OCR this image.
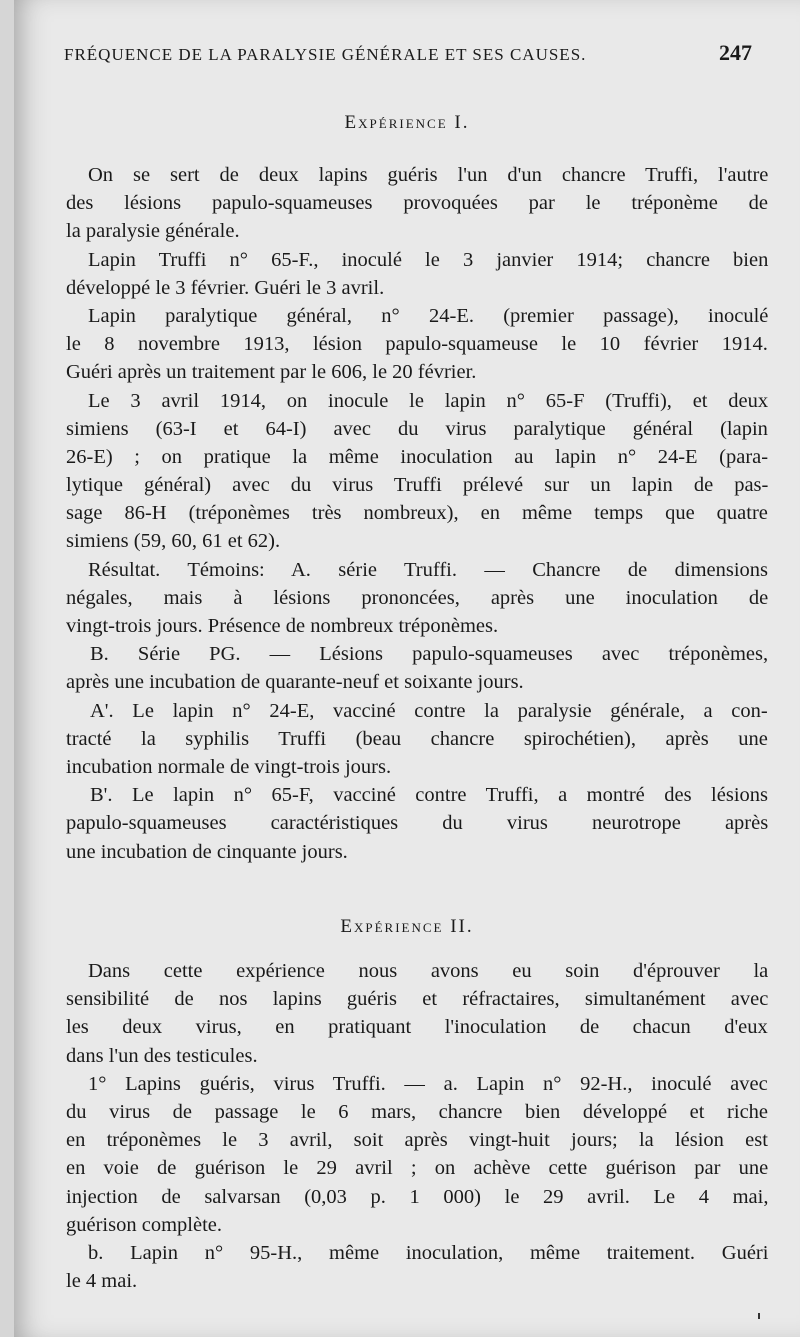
FRÉQUENCE DE LA PARALYSIE GÉNÉRALE ET SES CAUSES.	247
Expérience I.
On se sert de deux lapins guéris l'un d'un chancre Truffi, l'autre
des lésions papulo-squameuses provoquées par le tréponème de
la paralysie générale.
Lapin Truffi n° 65-F., inoculé le 3 janvier 1914; chancre bien
développé le 3 février. Guéri le 3 avril.
Lapin paralytique général, n° 24-E. (premier passage), inoculé
le 8 novembre 1913, lésion papulo-squameuse le 10 février 1914.
Guéri après un traitement par le 606, le 20 février.
Le 3 avril 1914, on inocule le lapin n° 65-F (Truffi), et deux
simiens (63-I et 64-I) avec du virus paralytique général (lapin
26-E) ; on pratique la même inoculation au lapin n° 24-E (para-
lytique général) avec du virus Truffi prélevé sur un lapin de pas-
sage 86-H (tréponèmes très nombreux), en même temps que quatre
simiens (59, 60, 61 et 62).
Résultat. Témoins: A. série Truffi. — Chancre de dimensions
négales, mais à lésions prononcées, après une inoculation de
vingt-trois jours. Présence de nombreux tréponèmes.
B. Série PG. — Lésions papulo-squameuses avec tréponèmes,
après une incubation de quarante-neuf et soixante jours.
A'. Le lapin n° 24-E, vacciné contre la paralysie générale, a con-
tracté la syphilis Truffi (beau chancre spirochétien), après une
incubation normale de vingt-trois jours.
B'. Le lapin n° 65-F, vacciné contre Truffi, a montré des lésions
papulo-squameuses caractéristiques du virus neurotrope après
une incubation de cinquante jours.
Expérience II.
Dans cette expérience nous avons eu soin d'éprouver la
sensibilité de nos lapins guéris et réfractaires, simultanément avec
les deux virus, en pratiquant l'inoculation de chacun d'eux
dans l'un des testicules.
1° Lapins guéris, virus Truffi. — a. Lapin n° 92-H., inoculé avec
du virus de passage le 6 mars, chancre bien développé et riche
en tréponèmes le 3 avril, soit après vingt-huit jours; la lésion est
en voie de guérison le 29 avril ; on achève cette guérison par une
injection de salvarsan (0,03 p. 1 000) le 29 avril. Le 4 mai,
guérison complète.
b. Lapin n° 95-H., même inoculation, même traitement. Guéri
le 4 mai.
